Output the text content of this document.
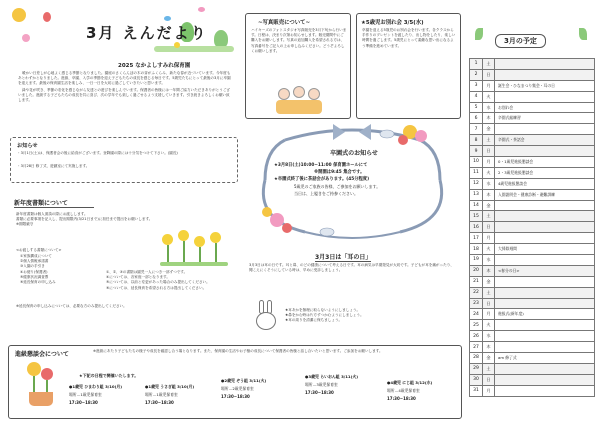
3月 えんだより
2025 なかよしすみれ保育園

暖かい日差しが心地よく感じる季節となりました。園庭のさくらんぼの木の芽がふくらみ、新たな春が近づいています。今年度もあとわずかとなりました。進級、卒園、入学の季節を迎え子どもたちの成長を感じる毎日です。5歳児たちにとって最後の3月に卒園を迎えます。最後の保育園生活を楽しみ、一日一日を大切に過ごしていきたいと思います。

緑や花が咲き、季節の変化を感じながら友達との遊びを楽しんでいます。保護者の皆様には一年間ご協力いただきありがとうございました。進級する子どもたちの成長を共に喜び、次の学年でも楽しく過ごせるよう支援していきます。引き続きよろしくお願い致します。

お知らせ
・3月1日(土)は、保護者会の後に給食がございます。登降園の際には十分気をつけて下さい。(園長)
・3月28日 修了式、遊戯室にて実施します。
新年度書類について

新年度書類は個人面談の際にお渡しします。

書類に必要事項を記入し、提出期限内(3/21日まで)に担任まで提出をお願いします。

※期限厳守

<お渡しする書類について>

①家族構成について

②個人情報承諾書

③入園の手引き

④お便り(保護者)

⑤健康状況調査票

⑥延長保育の申し込み

①、②、③の書類は園児一人につき一部ずつです。

④については、各家庭一部となります。

⑤については、以前と変更があった場合のみ提出してください。

⑥については、延長保育を希望される方は提出してください。

※延長保育の申し込みについては、必要な方のみ提出してください。
~写真販売について~
ハイキーズのフォトスタジオ写真販売を3月下旬から行います。日程は、決まり次第お知らせします。販売期間中にご購入をお願いします。写真の追加購入を希望される方は、写真番号をご記入の上お申し込みください。どうぞよろしくお願いします。
★5歳児お別れ会 3/5(水)
卒園を迎える5歳児のお別れ会を行います。各クラスから手作りのプレゼントを渡したり、出し物をしたり、楽しい時間を過ごします。5歳児にとって素敵な思い出になるよう準備を進めています。
卒園式のお知らせ
★3月8日(土)10:00~11:00 保育園ホールにて
※開園は9:45 集合です。
★卒園式終了後に茶話会があります。(45分程度)
5歳児のご家族の皆様、ご参加をお願いします。
当日は、上履きをご持参ください。
3月3日は「耳の日」
3月3日は耳の日です。耳と鼻、のどの健康について考える日です。耳の病気は早期発見が大切です。子どもが耳を痛がったり、聞こえにくそうにしている時は、早めに受診しましょう。

★耳あかを無理に取らないようにしましょう。

★鼻をかむ時は片方ずつかむようにしましょう。

★耳の周りを清潔に保ちましょう。

進級懇談会について	※進級にあたり子どもたちの様子や成長を確認し合う場となります。また、保育園の生活やお子様の成長について保護者の皆様と話し合いたいと思います。ご参加をお願いします。
★下記の日程で開催いたします。
●1歳児 ひまわり組 3/10(月)
場所…1歳児保育室
17:30~18:30
●1歳児 うさぎ組 3/10(月)
場所…1歳児保育室
17:30~18:30
●2歳児 ぞう組 3/11(火)
場所…2歳児保育室
17:30~18:30
●3歳児 らいおん組 3/11(火)
場所…3歳児保育室
17:30~18:30
●4歳児 にじ組 3/12(水)
場所…4歳児保育室
17:30~18:30
3月の予定
1	土
2	日
3	月	誕生会・ひなまつり集会・耳の日
4	火
5	水	お別れ会
6	木	卒園式総練習
7	金
8	土	卒園式・茶話会
9	日
10	月	0・1歳児進級懇談会
11	火	2・3歳児進級懇談会
12	水	4歳児進級懇談会
13	木	入園説明会・健康診断・避難訓練
14	金
15	土
16	日
17	月
18	火	大掃除週間
19	水
20	木	<春分の日>
21	金
22	土
23	日
24	月	進級式(新年度)
25	火
26	水
27	木
28	金	am 修了式
29	土
30	日
31	月
